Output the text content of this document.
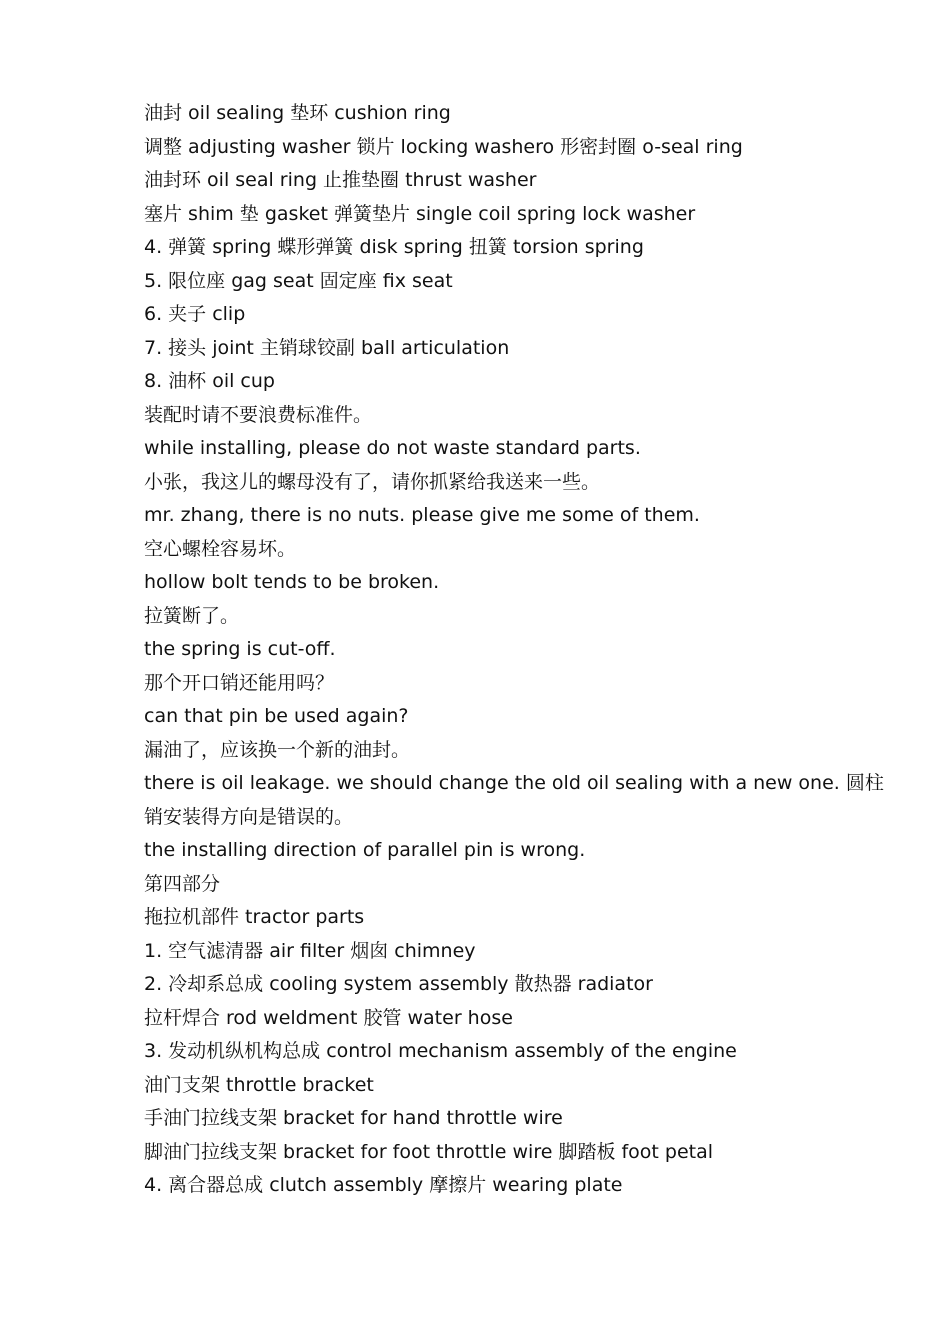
油封 oil sealing 垫环 cushion ring
调整 adjusting washer 锁片 locking washero 形密封圈 o-seal ring
油封环 oil seal ring 止推垫圈 thrust washer
塞片 shim 垫 gasket 弹簧垫片 single coil spring lock washer
4. 弹簧 spring 蝶形弹簧 disk spring 扭簧 torsion spring
5. 限位座 gag seat 固定座 fix seat
6. 夹子 clip
7. 接头 joint 主销球铰副 ball articulation
8. 油杯 oil cup
装配时请不要浪费标准件。
while installing, please do not waste standard parts.
小张，我这儿的螺母没有了，请你抓紧给我送来一些。
mr. zhang, there is no nuts. please give me some of them.
空心螺栓容易坏。
hollow bolt tends to be broken.
拉簧断了。
the spring is cut-off.
那个开口销还能用吗？
can that pin be used again?
漏油了，应该换一个新的油封。
there is oil leakage. we should change the old oil sealing with a new one. 圆柱
销安装得方向是错误的。
the installing direction of parallel pin is wrong.
第四部分
拖拉机部件 tractor parts
1. 空气滤清器 air filter 烟囱 chimney
2. 冷却系总成 cooling system assembly 散热器 radiator
拉杆焊合 rod weldment 胶管 water hose
3. 发动机纵机构总成 control mechanism assembly of the engine
油门支架 throttle bracket
手油门拉线支架 bracket for hand throttle wire
脚油门拉线支架 bracket for foot throttle wire 脚踏板 foot petal
4. 离合器总成 clutch assembly 摩擦片 wearing plate
